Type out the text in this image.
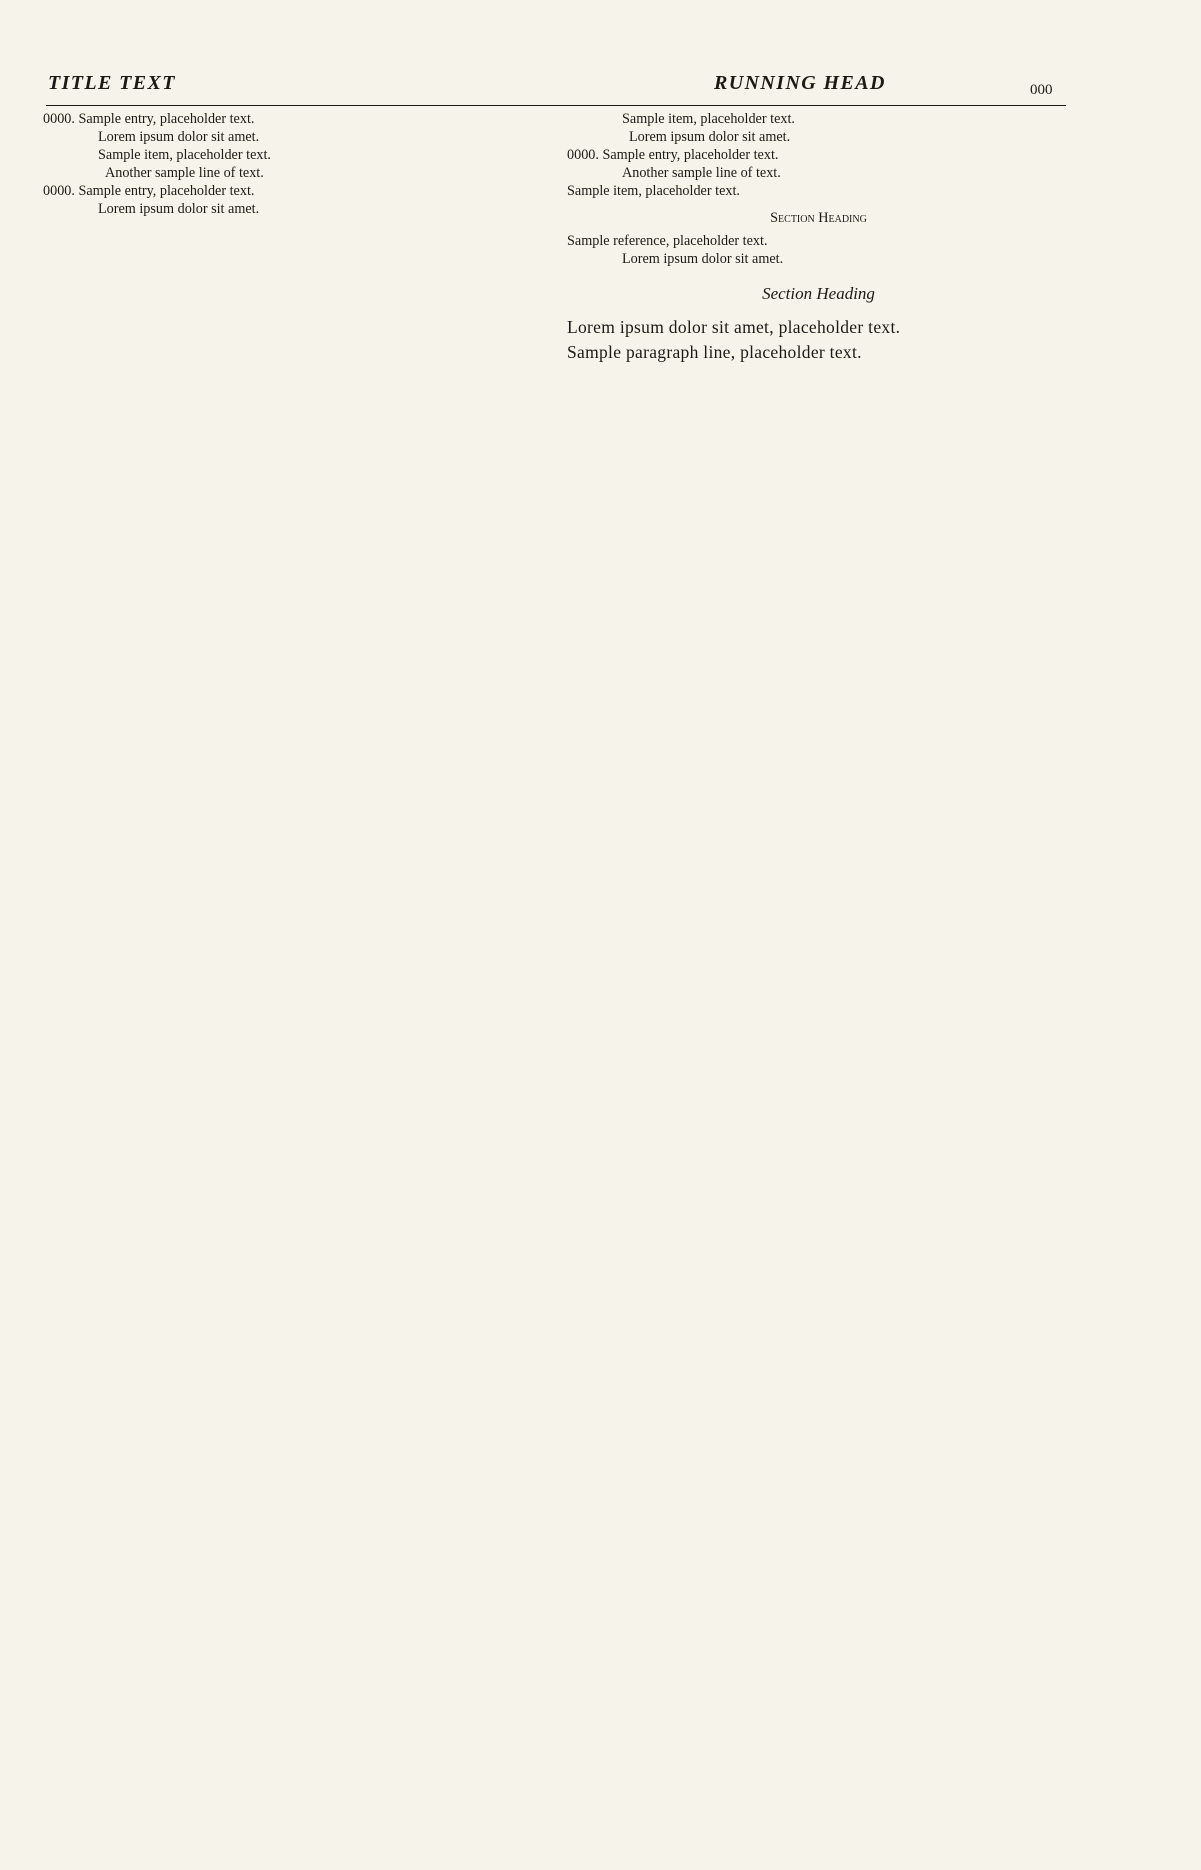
TITLE TEXT	RUNNING HEAD	000
0000. Sample entry, placeholder text.
Lorem ipsum dolor sit amet.
Sample item, placeholder text.
Another sample line of text.
0000. Sample entry, placeholder text.
Lorem ipsum dolor sit amet.
Sample item, placeholder text.
Lorem ipsum dolor sit amet.
0000. Sample entry, placeholder text.
Another sample line of text.
Sample item, placeholder text.
Section Heading
Sample reference, placeholder text.
Lorem ipsum dolor sit amet.
Section Heading
Lorem ipsum dolor sit amet, placeholder text.
Sample paragraph line, placeholder text.
